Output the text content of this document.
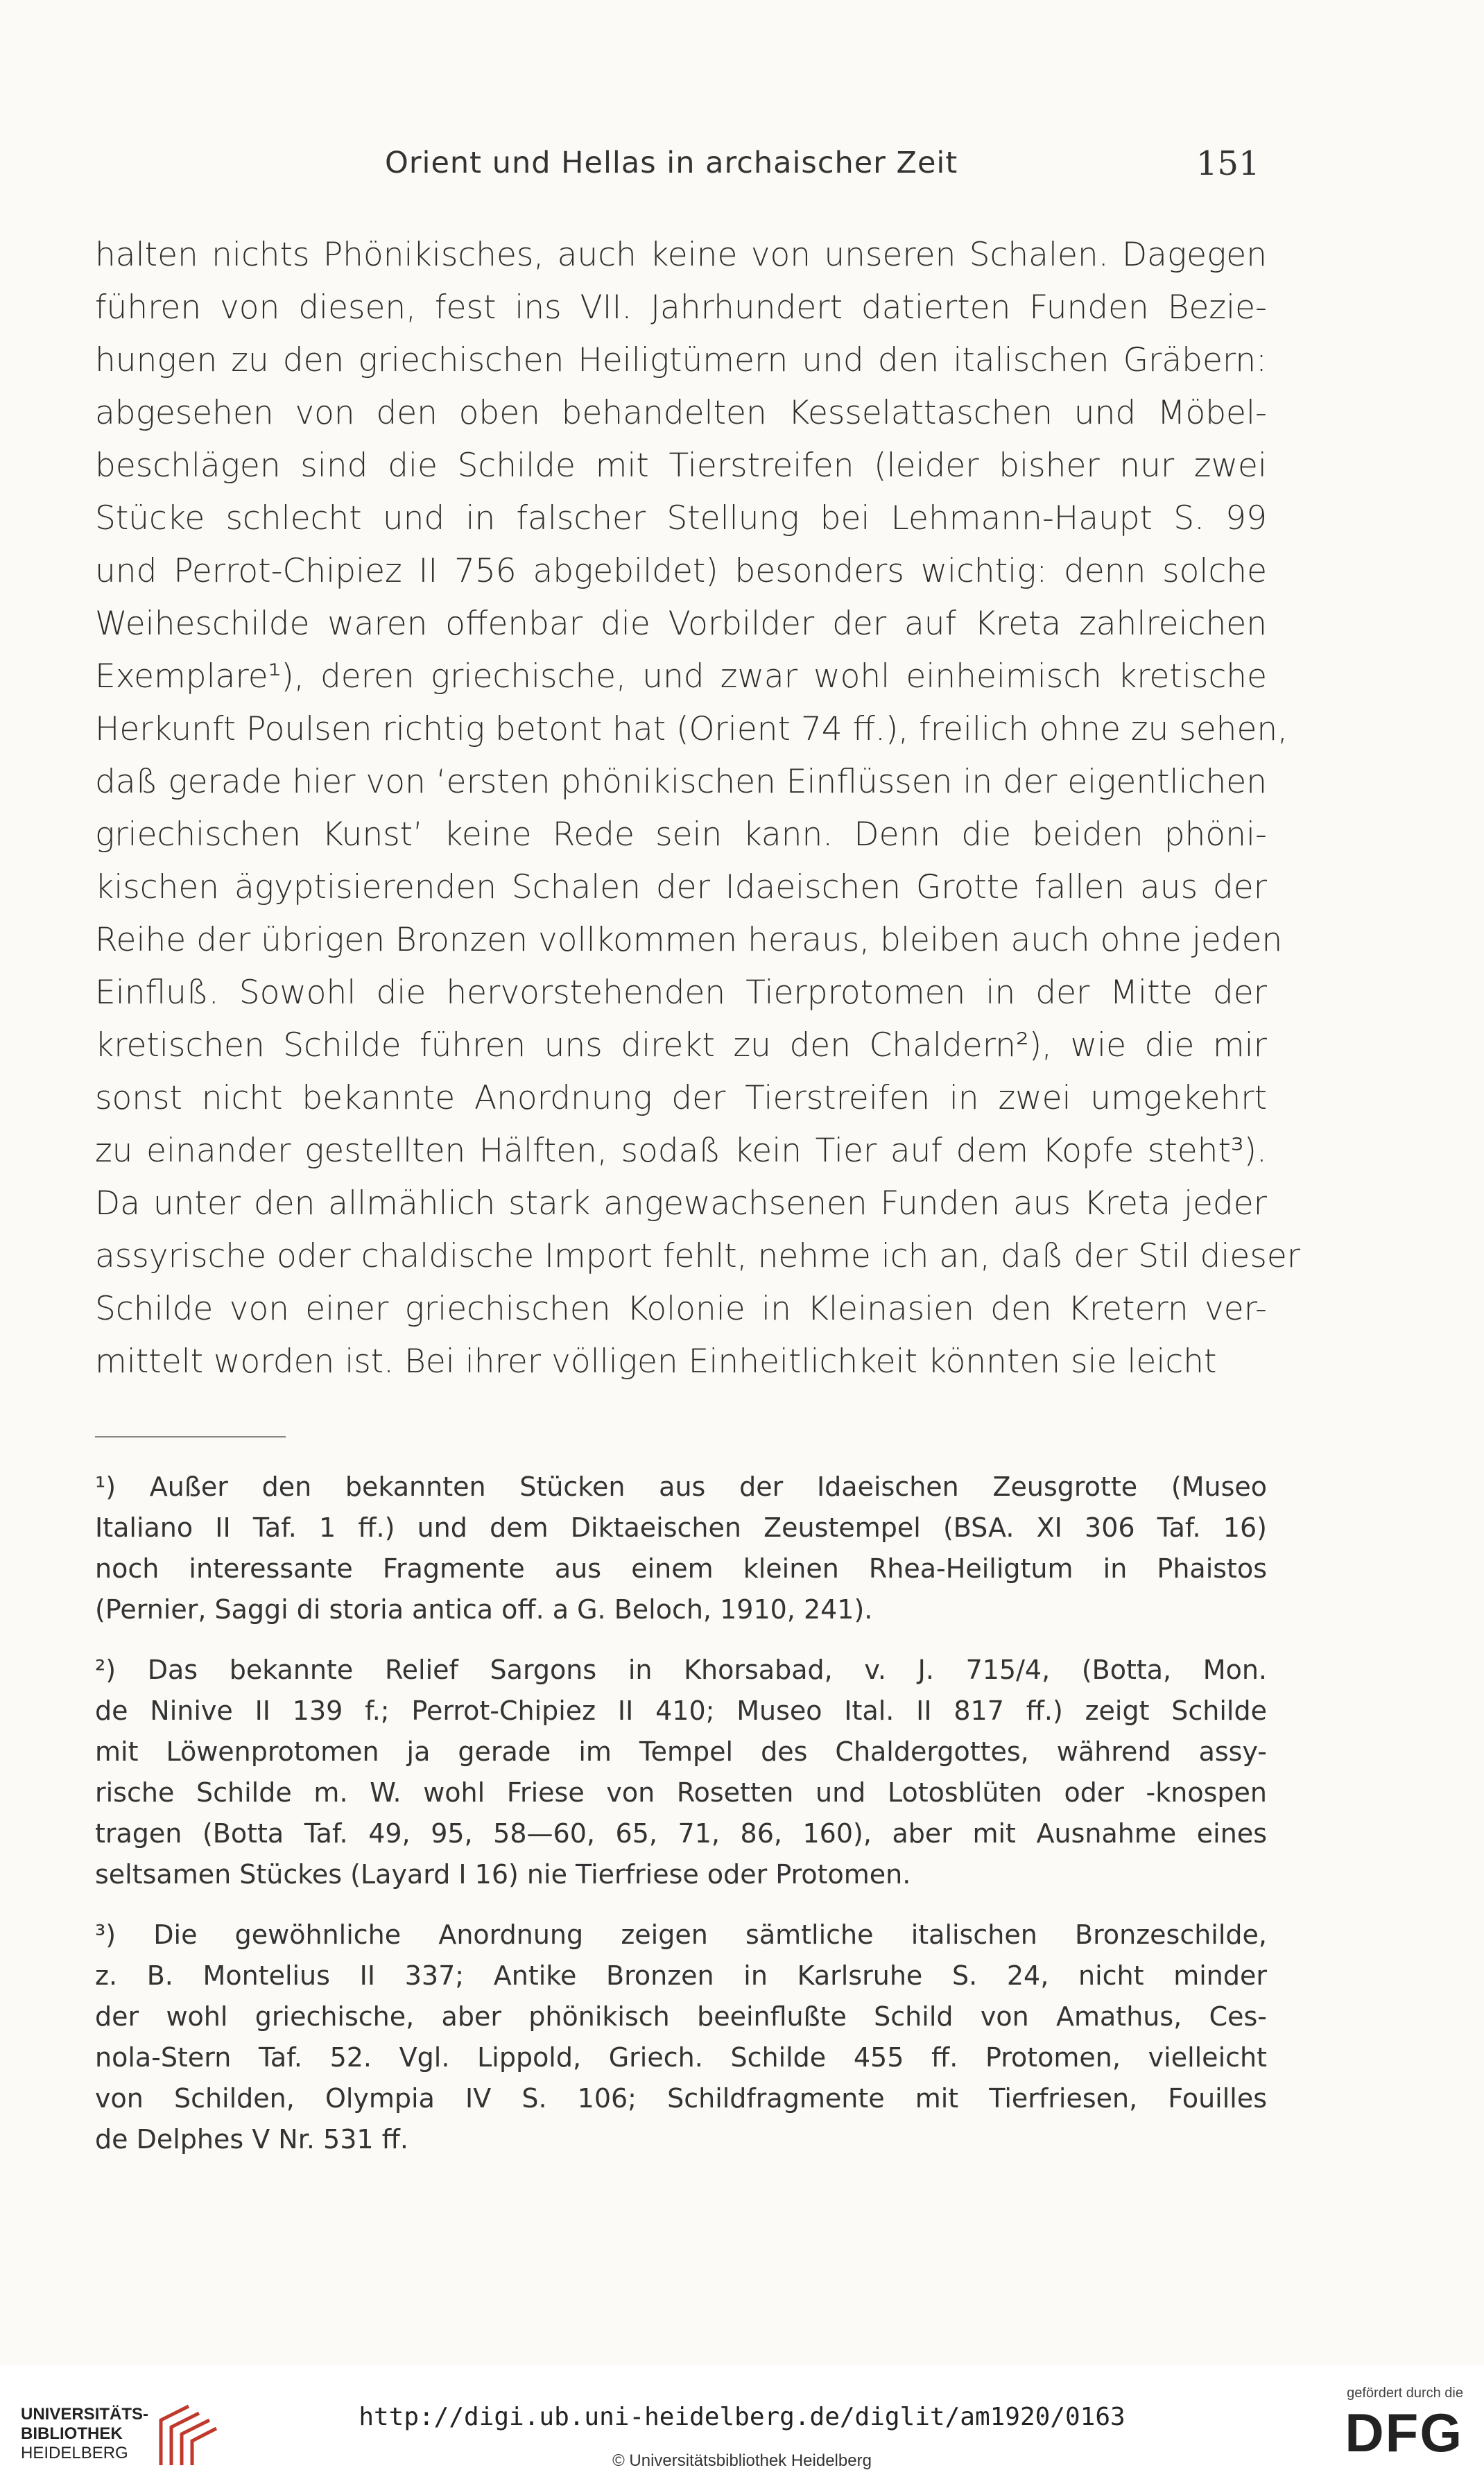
Orient und Hellas in archaischer Zeit	151
halten nichts Phönikisches, auch keine von unseren Schalen. Dagegen
führen von diesen, fest ins VII. Jahrhundert datierten Funden Bezie-
hungen zu den griechischen Heiligtümern und den italischen Gräbern:
abgesehen von den oben behandelten Kesselattaschen und Möbel-
beschlägen sind die Schilde mit Tierstreifen (leider bisher nur zwei
Stücke schlecht und in falscher Stellung bei Lehmann-Haupt S. 99
und Perrot-Chipiez II 756 abgebildet) besonders wichtig: denn solche
Weiheschilde waren offenbar die Vorbilder der auf Kreta zahlreichen
Exemplare¹), deren griechische, und zwar wohl einheimisch kretische
Herkunft Poulsen richtig betont hat (Orient 74 ff.), freilich ohne zu sehen,
daß gerade hier von ‘ersten phönikischen Einflüssen in der eigentlichen
griechischen Kunst’ keine Rede sein kann. Denn die beiden phöni-
kischen ägyptisierenden Schalen der Idaeischen Grotte fallen aus der
Reihe der übrigen Bronzen vollkommen heraus, bleiben auch ohne jeden
Einfluß. Sowohl die hervorstehenden Tierprotomen in der Mitte der
kretischen Schilde führen uns direkt zu den Chaldern²), wie die mir
sonst nicht bekannte Anordnung der Tierstreifen in zwei umgekehrt
zu einander gestellten Hälften, sodaß kein Tier auf dem Kopfe steht³).
Da unter den allmählich stark angewachsenen Funden aus Kreta jeder
assyrische oder chaldische Import fehlt, nehme ich an, daß der Stil dieser
Schilde von einer griechischen Kolonie in Kleinasien den Kretern ver-
mittelt worden ist. Bei ihrer völligen Einheitlichkeit könnten sie leicht
¹) Außer den bekannten Stücken aus der Idaeischen Zeusgrotte (Museo
Italiano II Taf. 1 ff.) und dem Diktaeischen Zeustempel (BSA. XI 306 Taf. 16)
noch interessante Fragmente aus einem kleinen Rhea-Heiligtum in Phaistos
(Pernier, Saggi di storia antica off. a G. Beloch, 1910, 241).
²) Das bekannte Relief Sargons in Khorsabad, v. J. 715/4, (Botta, Mon.
de Ninive II 139 f.; Perrot-Chipiez II 410; Museo Ital. II 817 ff.) zeigt Schilde
mit Löwenprotomen ja gerade im Tempel des Chaldergottes, während assy-
rische Schilde m. W. wohl Friese von Rosetten und Lotosblüten oder -knospen
tragen (Botta Taf. 49, 95, 58—60, 65, 71, 86, 160), aber mit Ausnahme eines
seltsamen Stückes (Layard I 16) nie Tierfriese oder Protomen.
³) Die gewöhnliche Anordnung zeigen sämtliche italischen Bronzeschilde,
z. B. Montelius II 337; Antike Bronzen in Karlsruhe S. 24, nicht minder
der wohl griechische, aber phönikisch beeinflußte Schild von Amathus, Ces-
nola-Stern Taf. 52. Vgl. Lippold, Griech. Schilde 455 ff. Protomen, vielleicht
von Schilden, Olympia IV S. 106; Schildfragmente mit Tierfriesen, Fouilles
de Delphes V Nr. 531 ff.
UNIVERSITÄTS-
BIBLIOTHEK
HEIDELBERG
http://digi.ub.uni-heidelberg.de/diglit/am1920/0163
© Universitätsbibliothek Heidelberg
gefördert durch die
DFG
